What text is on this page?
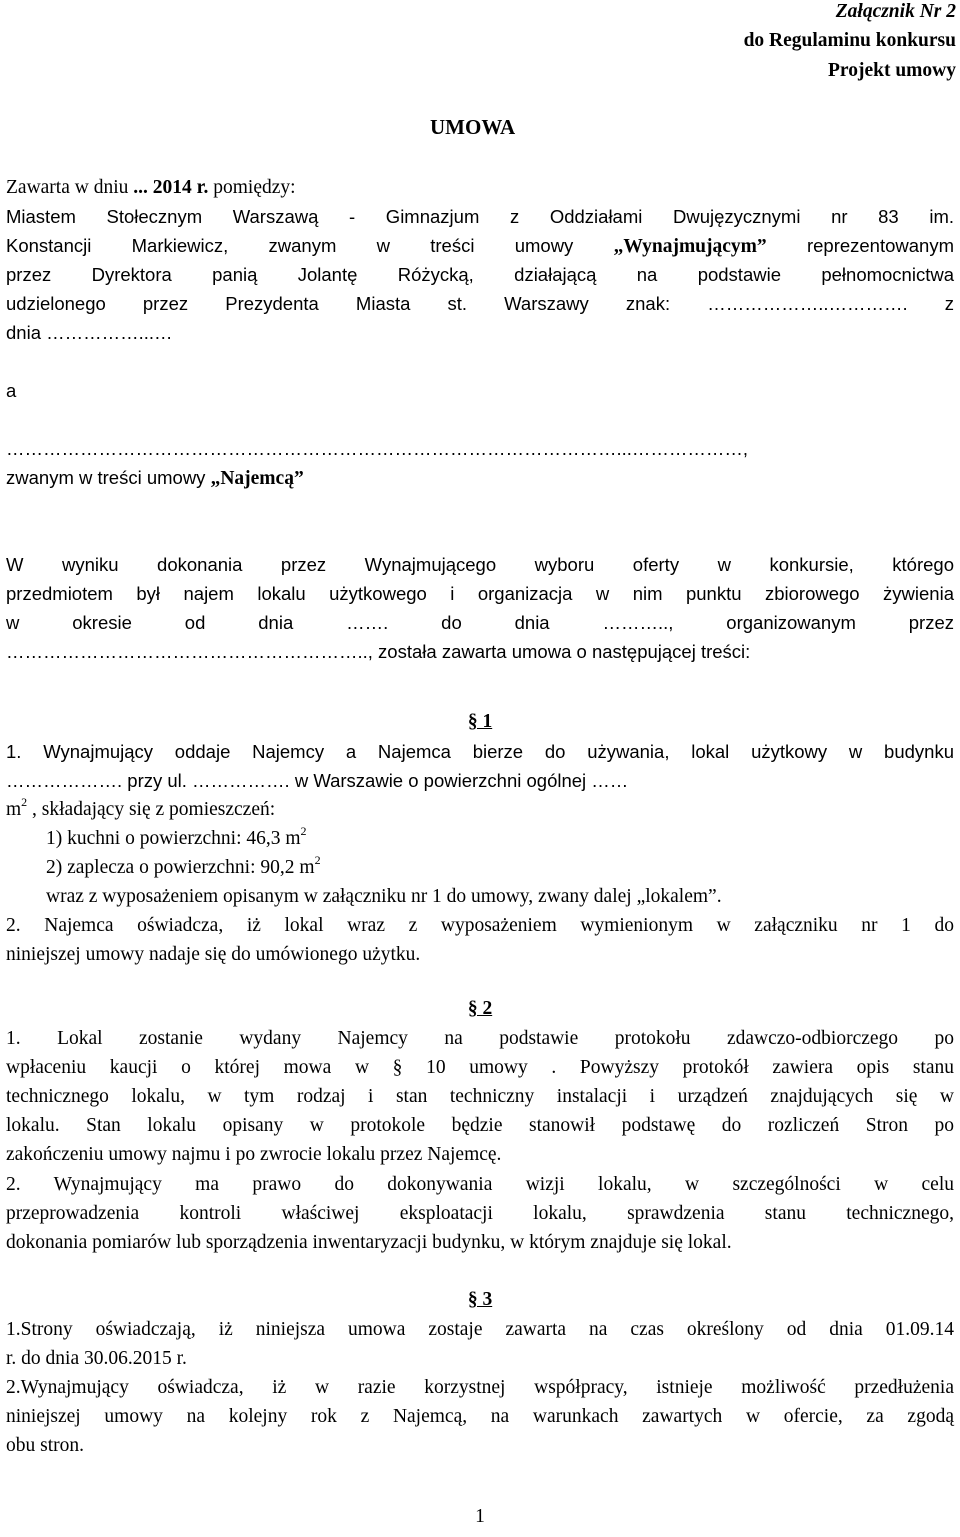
Załącznik Nr 2
do Regulaminu konkursu
Projekt umowy
UMOWA
Zawarta w dniu ... 2014 r. pomiędzy:
Miastem Stołecznym Warszawą - Gimnazjum z Oddziałami Dwujęzycznymi nr 83 im.
Konstancji Markiewicz, zwanym w treści umowy „Wynajmującym” reprezentowanym
przez Dyrektora panią Jolantę Różycką, działającą na podstawie pełnomocnictwa
udzielonego przez Prezydenta Miasta st. Warszawy znak: ………………..…………. z
dnia ……………...…
a
………………………………………………………………………………………...………………,
zwanym w treści umowy „Najemcą”
W wyniku dokonania przez Wynajmującego wyboru oferty w konkursie, którego
przedmiotem był najem lokalu użytkowego i organizacja w nim punktu zbiorowego żywienia
w okresie od dnia ……. do dnia ……….., organizowanym przez
………………………………………………….., została zawarta umowa o następującej treści:
§ 1
1. Wynajmujący oddaje Najemcy a Najemca bierze do używania, lokal użytkowy w budynku
………………. przy ul. ……………. w Warszawie o powierzchni ogólnej ……
$m^2$ , składający się z pomieszczeń:
1) kuchni o powierzchni: 46,3 $m^2$
2) zaplecza o powierzchni: 90,2 $m^2$
wraz z wyposażeniem opisanym w załączniku nr 1 do umowy, zwany dalej „lokalem”.
2. Najemca oświadcza, iż lokal wraz z wyposażeniem wymienionym w załączniku nr 1 do
niniejszej umowy nadaje się do umówionego użytku.
§ 2
1. Lokal zostanie wydany Najemcy na podstawie protokołu zdawczo-odbiorczego po
wpłaceniu kaucji o której mowa w § 10 umowy . Powyższy protokół zawiera opis stanu
technicznego lokalu, w tym rodzaj i stan techniczny instalacji i urządzeń znajdujących się w
lokalu. Stan lokalu opisany w protokole będzie stanowił podstawę do rozliczeń Stron po
zakończeniu umowy najmu i po zwrocie lokalu przez Najemcę.
2. Wynajmujący ma prawo do dokonywania wizji lokalu, w szczególności w celu
przeprowadzenia kontroli właściwej eksploatacji lokalu, sprawdzenia stanu technicznego,
dokonania pomiarów lub sporządzenia inwentaryzacji budynku, w którym znajduje się lokal.
§ 3
1.Strony oświadczają, iż niniejsza umowa zostaje zawarta na czas określony od dnia 01.09.14
r. do dnia 30.06.2015 r.
2.Wynajmujący oświadcza, iż w razie korzystnej współpracy, istnieje możliwość przedłużenia
niniejszej umowy na kolejny rok z Najemcą, na warunkach zawartych w ofercie, za zgodą
obu stron.
1
